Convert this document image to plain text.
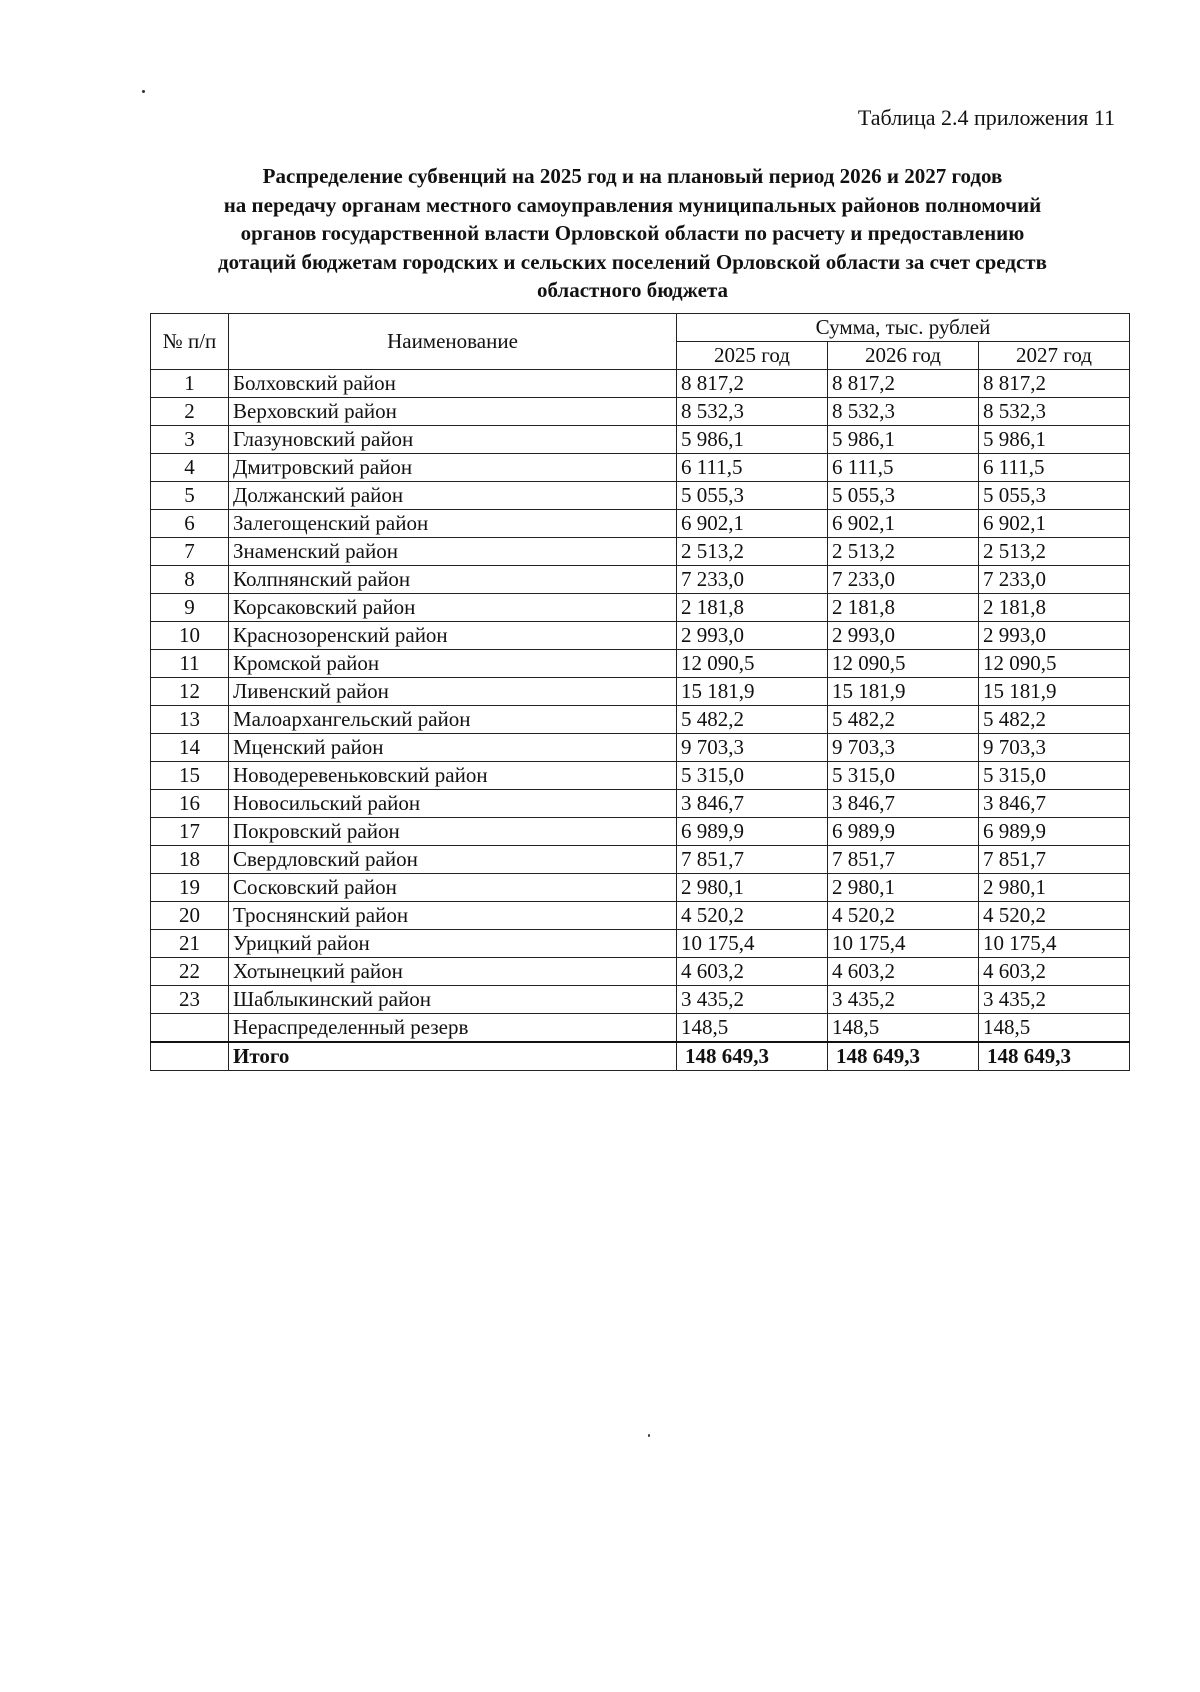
Таблица 2.4 приложения 11
Распределение субвенций на 2025 год и на плановый период 2026 и 2027 годов
на передачу органам местного самоуправления муниципальных районов полномочий
органов государственной власти Орловской области по расчету и предоставлению
дотаций бюджетам городских и сельских поселений Орловской области за счет средств
областного бюджета
№ п/п	Наименование	Сумма, тыс. рублей		
		2025 год	2026 год	2027 год
1	Болховский район	8 817,2	8 817,2	8 817,2
2	Верховский район	8 532,3	8 532,3	8 532,3
3	Глазуновский район	5 986,1	5 986,1	5 986,1
4	Дмитровский район	6 111,5	6 111,5	6 111,5
5	Должанский район	5 055,3	5 055,3	5 055,3
6	Залегощенский район	6 902,1	6 902,1	6 902,1
7	Знаменский район	2 513,2	2 513,2	2 513,2
8	Колпнянский район	7 233,0	7 233,0	7 233,0
9	Корсаковский район	2 181,8	2 181,8	2 181,8
10	Краснозоренский район	2 993,0	2 993,0	2 993,0
11	Кромской район	12 090,5	12 090,5	12 090,5
12	Ливенский район	15 181,9	15 181,9	15 181,9
13	Малоархангельский район	5 482,2	5 482,2	5 482,2
14	Мценский район	9 703,3	9 703,3	9 703,3
15	Новодеревеньковский район	5 315,0	5 315,0	5 315,0
16	Новосильский район	3 846,7	3 846,7	3 846,7
17	Покровский район	6 989,9	6 989,9	6 989,9
18	Свердловский район	7 851,7	7 851,7	7 851,7
19	Сосковский район	2 980,1	2 980,1	2 980,1
20	Троснянский район	4 520,2	4 520,2	4 520,2
21	Урицкий район	10 175,4	10 175,4	10 175,4
22	Хотынецкий район	4 603,2	4 603,2	4 603,2
23	Шаблыкинский район	3 435,2	3 435,2	3 435,2
	Нераспределенный резерв	148,5	148,5	148,5
	Итого	148 649,3	148 649,3	148 649,3
